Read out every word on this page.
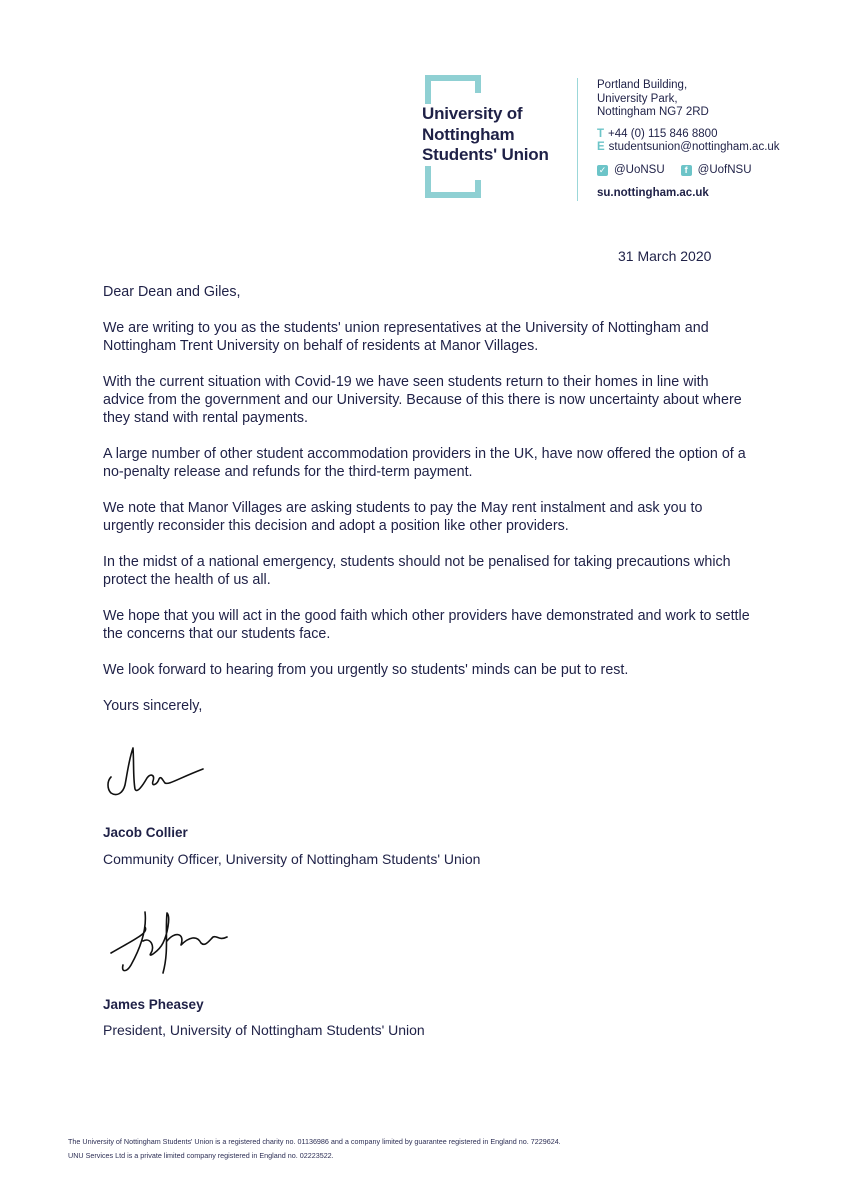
University of
Nottingham
Students' Union
Portland Building,
University Park,
Nottingham NG7 2RD
T +44 (0) 115 846 8800
E studentsunion@nottingham.ac.uk
✓ @UoNSU	f @UofNSU
su.nottingham.ac.uk
31 March 2020

Dear Dean and Giles,

We are writing to you as the students' union representatives at the University of Nottingham and Nottingham Trent University on behalf of residents at Manor Villages.

With the current situation with Covid-19 we have seen students return to their homes in line with advice from the government and our University. Because of this there is now uncertainty about where they stand with rental payments.

A large number of other student accommodation providers in the UK, have now offered the option of a no-penalty release and refunds for the third-term payment.

We note that Manor Villages are asking students to pay the May rent instalment and ask you to urgently reconsider this decision and adopt a position like other providers.

In the midst of a national emergency, students should not be penalised for taking precautions which protect the health of us all.

We hope that you will act in the good faith which other providers have demonstrated and work to settle the concerns that our students face.

We look forward to hearing from you urgently so students' minds can be put to rest.

Yours sincerely,

Jacob Collier
Community Officer, University of Nottingham Students' Union
James Pheasey
President, University of Nottingham Students' Union
The University of Nottingham Students' Union is a registered charity no. 01136986 and a company limited by guarantee registered in England no. 7229624.
UNU Services Ltd is a private limited company registered in England no. 02223522.
